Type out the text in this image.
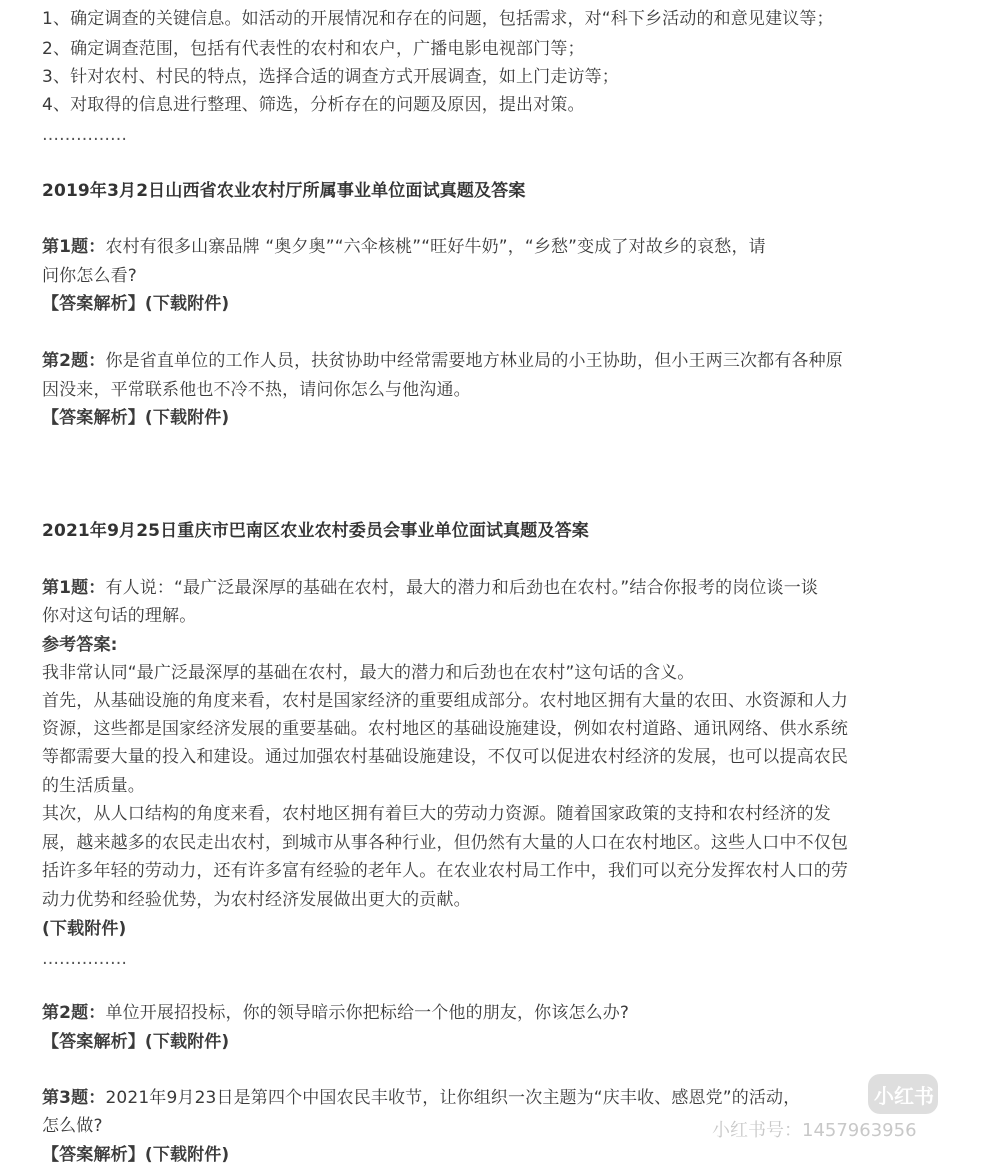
1、确定调查的关键信息。如活动的开展情况和存在的问题，包括需求，对“科下乡活动的和意见建议等；
2、确定调查范围，包括有代表性的农村和农户，广播电影电视部门等；
3、针对农村、村民的特点，选择合适的调查方式开展调查，如上门走访等；
4、对取得的信息进行整理、筛选，分析存在的问题及原因，提出对策。
……………
2019年3月2日山西省农业农村厅所属事业单位面试真题及答案
第1题：农村有很多山寨品牌 “奥夕奥”“六伞核桃”“旺好牛奶”，“乡愁”变成了对故乡的哀愁，请
问你怎么看?
【答案解析】(下载附件)
第2题：你是省直单位的工作人员，扶贫协助中经常需要地方林业局的小王协助，但小王两三次都有各种原
因没来，平常联系他也不冷不热，请问你怎么与他沟通。
【答案解析】(下载附件)
2021年9月25日重庆市巴南区农业农村委员会事业单位面试真题及答案
第1题：有人说：“最广泛最深厚的基础在农村，最大的潜力和后劲也在农村。”结合你报考的岗位谈一谈
你对这句话的理解。
参考答案:
我非常认同“最广泛最深厚的基础在农村，最大的潜力和后劲也在农村”这句话的含义。
首先，从基础设施的角度来看，农村是国家经济的重要组成部分。农村地区拥有大量的农田、水资源和人力
资源，这些都是国家经济发展的重要基础。农村地区的基础设施建设，例如农村道路、通讯网络、供水系统
等都需要大量的投入和建设。通过加强农村基础设施建设，不仅可以促进农村经济的发展，也可以提高农民
的生活质量。
其次，从人口结构的角度来看，农村地区拥有着巨大的劳动力资源。随着国家政策的支持和农村经济的发
展，越来越多的农民走出农村，到城市从事各种行业，但仍然有大量的人口在农村地区。这些人口中不仅包
括许多年轻的劳动力，还有许多富有经验的老年人。在农业农村局工作中，我们可以充分发挥农村人口的劳
动力优势和经验优势，为农村经济发展做出更大的贡献。
(下载附件)
……………
第2题：单位开展招投标，你的领导暗示你把标给一个他的朋友，你该怎么办?
【答案解析】(下载附件)
第3题：2021年9月23日是第四个中国农民丰收节，让你组织一次主题为“庆丰收、感恩党”的活动，
怎么做?
【答案解析】(下载附件)
小红书
小红书号：1457963956
